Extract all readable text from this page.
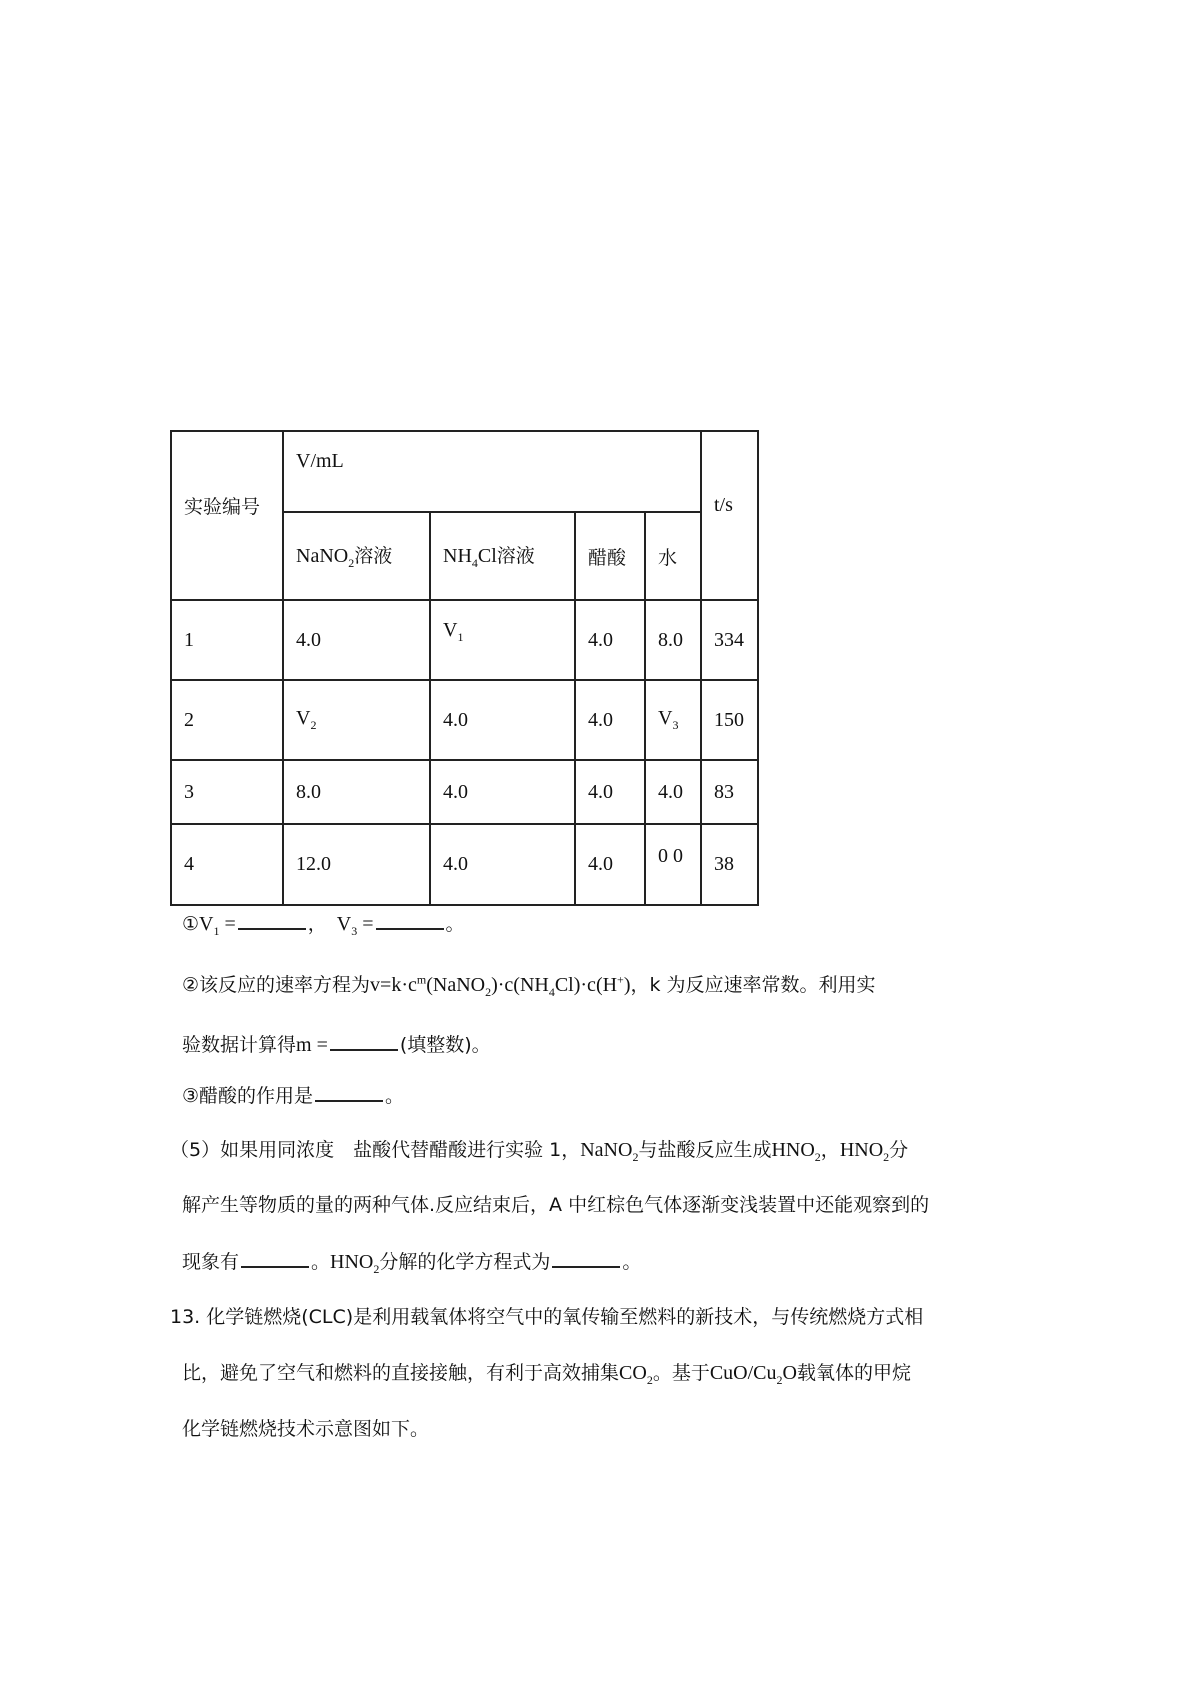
实验编号	V/mL				t/s
	NaNO$_2$溶液	$NH_4Cl$溶液	醋酸	水	
1	4.0	$V_1$	4.0	8.0	334
2	$V_2$	4.0	4.0	$V_3$	150
3	8.0	4.0	4.0	4.0	83
4	12.0	4.0	4.0	0 0	38
$①V_1$ =	， $V_3$ =	。
②该反应的速率方程为$v=k\cdot c^m(NaNO_2)\cdot c(NH_4Cl)\cdot c(H^+)$，k 为反应速率常数。利用实
验数据计算得m =	(填整数)。
③醋酸的作用是	。
（5）如果用同浓度　盐酸代替醋酸进行实验 1，NaNO$_2$与盐酸反应生成$HNO_2$，$HNO_2$分
解产生等物质的量的两种气体.反应结束后，A 中红棕色气体逐渐变浅装置中还能观察到的
现象有	。$HNO_2$分解的化学方程式为	。
13. 化学链燃烧(CLC)是利用载氧体将空气中的氧传输至燃料的新技术，与传统燃烧方式相
比，避免了空气和燃料的直接接触，有利于高效捕集$CO_2$。基于CuO/$Cu_2O$载氧体的甲烷
化学链燃烧技术示意图如下。
